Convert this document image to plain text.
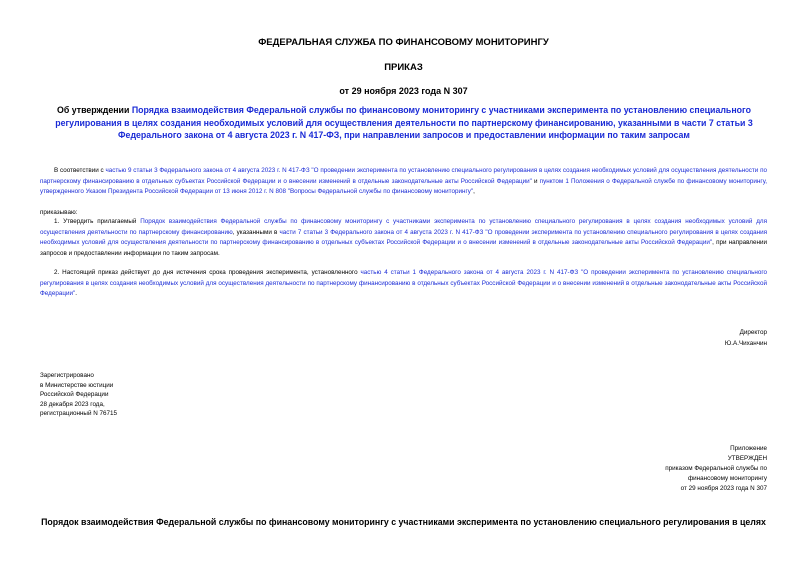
ФЕДЕРАЛЬНАЯ СЛУЖБА ПО ФИНАНСОВОМУ МОНИТОРИНГУ
ПРИКАЗ
от 29 ноября 2023 года N 307
Об утверждении Порядка взаимодействия Федеральной службы по финансовому мониторингу с участниками эксперимента по установлению специального регулирования в целях создания необходимых условий для осуществления деятельности по партнерскому финансированию, указанными в части 7 статьи 3 Федерального закона от 4 августа 2023 г. N 417-ФЗ, при направлении запросов и предоставлении информации по таким запросам
В соответствии с частью 9 статьи 3 Федерального закона от 4 августа 2023 г. N 417-ФЗ "О проведении эксперимента по установлению специального регулирования в целях создания необходимых условий для осуществления деятельности по партнерскому финансированию в отдельных субъектах Российской Федерации и о внесении изменений в отдельные законодательные акты Российской Федерации" и пунктом 1 Положения о Федеральной службе по финансовому мониторингу, утвержденного Указом Президента Российской Федерации от 13 июня 2012 г. N 808 "Вопросы Федеральной службы по финансовому мониторингу",
приказываю:
1. Утвердить прилагаемый Порядок взаимодействия Федеральной службы по финансовому мониторингу с участниками эксперимента по установлению специального регулирования в целях создания необходимых условий для осуществления деятельности по партнерскому финансированию, указанными в части 7 статьи 3 Федерального закона от 4 августа 2023 г. N 417-ФЗ "О проведении эксперимента по установлению специального регулирования в целях создания необходимых условий для осуществления деятельности по партнерскому финансированию в отдельных субъектах Российской Федерации и о внесении изменений в отдельные законодательные акты Российской Федерации", при направлении запросов и предоставлении информации по таким запросам.
2. Настоящий приказ действует до дня истечения срока проведения эксперимента, установленного частью 4 статьи 1 Федерального закона от 4 августа 2023 г. N 417-ФЗ "О проведении эксперимента по установлению специального регулирования в целях создания необходимых условий для осуществления деятельности по партнерскому финансированию в отдельных субъектах Российской Федерации и о внесении изменений в отдельные законодательные акты Российской Федерации".
Директор
Ю.А.Чиханчин
Зарегистрировано
в Министерстве юстиции
Российской Федерации
28 декабря 2023 года,
регистрационный N 76715
Приложение
УТВЕРЖДЕН
приказом Федеральной службы по
финансовому мониторингу
от 29 ноября 2023 года N 307
Порядок взаимодействия Федеральной службы по финансовому мониторингу с участниками эксперимента по установлению специального регулирования в целях
